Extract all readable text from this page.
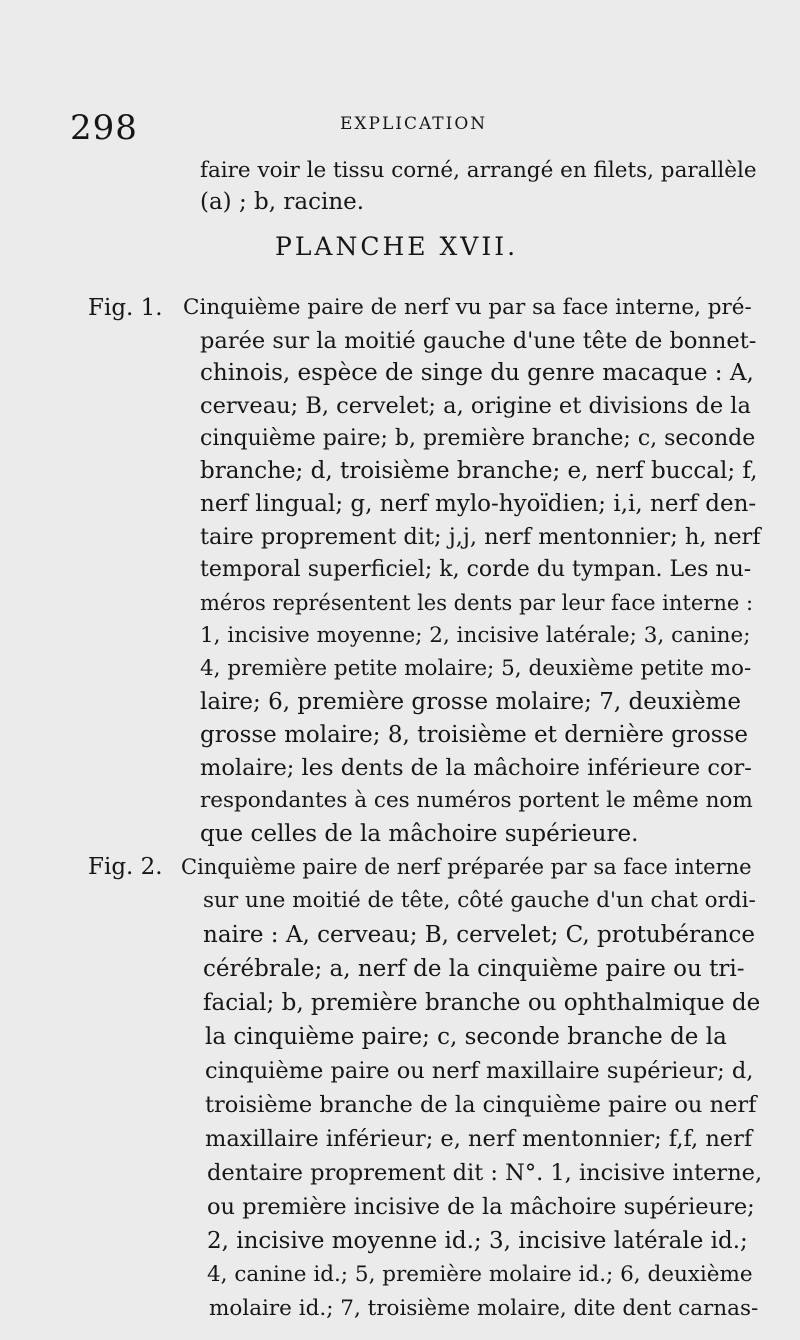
298	EXPLICATION
faire voir le tissu corné, arrangé en filets, parallèle
(a) ; b, racine.
PLANCHE XVII.
Fig. 1. Cinquième paire de nerf vu par sa face interne, pré-
parée sur la moitié gauche d'une tête de bonnet-
chinois, espèce de singe du genre macaque : A,
cerveau; B, cervelet; a, origine et divisions de la
cinquième paire; b, première branche; c, seconde
branche; d, troisième branche; e, nerf buccal; f,
nerf lingual; g, nerf mylo-hyoïdien; i,i, nerf den-
taire proprement dit; j,j, nerf mentonnier; h, nerf
temporal superficiel; k, corde du tympan. Les nu-
méros représentent les dents par leur face interne :
1, incisive moyenne; 2, incisive latérale; 3, canine;
4, première petite molaire; 5, deuxième petite mo-
laire; 6, première grosse molaire; 7, deuxième
grosse molaire; 8, troisième et dernière grosse
molaire; les dents de la mâchoire inférieure cor-
respondantes à ces numéros portent le même nom
que celles de la mâchoire supérieure.
Fig. 2. Cinquième paire de nerf préparée par sa face interne
sur une moitié de tête, côté gauche d'un chat ordi-
naire : A, cerveau; B, cervelet; C, protubérance
cérébrale; a, nerf de la cinquième paire ou tri-
facial; b, première branche ou ophthalmique de
la cinquième paire; c, seconde branche de la
cinquième paire ou nerf maxillaire supérieur; d,
troisième branche de la cinquième paire ou nerf
maxillaire inférieur; e, nerf mentonnier; f,f, nerf
dentaire proprement dit : N°. 1, incisive interne,
ou première incisive de la mâchoire supérieure;
2, incisive moyenne id.; 3, incisive latérale id.;
4, canine id.; 5, première molaire id.; 6, deuxième
molaire id.; 7, troisième molaire, dite dent carnas-
